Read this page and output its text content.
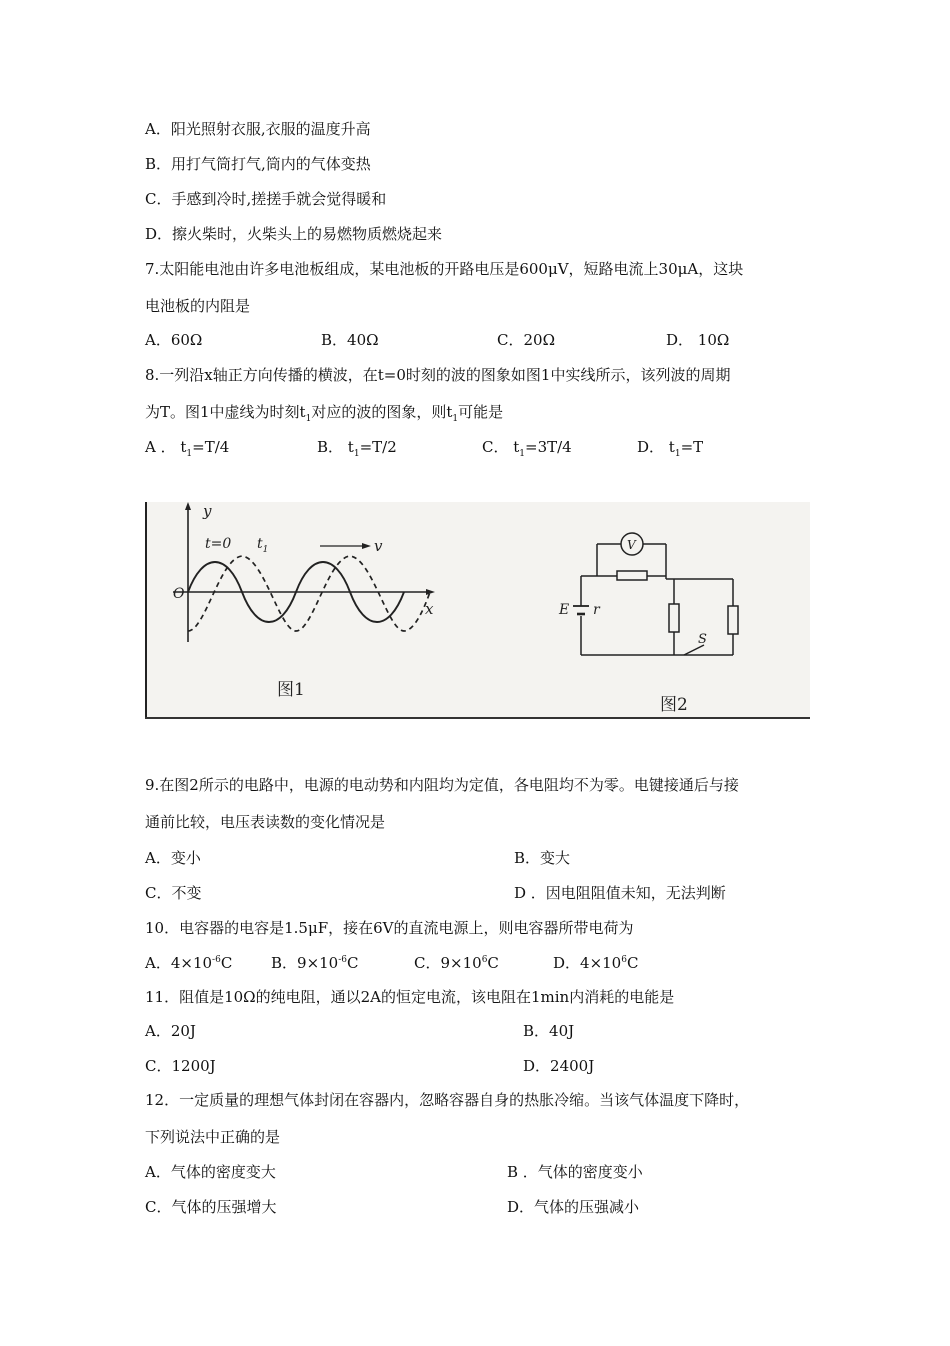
A．阳光照射衣服,衣服的温度升高
B．用打气筒打气,筒内的气体变热
C．手感到冷时,搓搓手就会觉得暖和
D．擦火柴时，火柴头上的易燃物质燃烧起来
7.太阳能电池由许多电池板组成，某电池板的开路电压是600μV，短路电流上30μA，这块
电池板的内阻是
A．60Ω	B．40Ω	C．20Ω	D． 10Ω
8.一列沿x轴正方向传播的横波，在t=0时刻的波的图象如图1中实线所示，该列波的周期
为T。图1中虚线为时刻$t_1$对应的波的图象，则$t_1$可能是
A ． $t_1=T/4$	B． $t_1=T/2$	C． $t_1=3T/4$	D． $t_1=T$
y
x
O
t=0 $t_1$	v
图1
V
E r
S
图2
9.在图2所示的电路中，电源的电动势和内阻均为定值，各电阻均不为零。电键接通后与接
通前比较，电压表读数的变化情况是
A．变小	B．变大
C．不变	D ．因电阻阻值未知，无法判断
10．电容器的电容是1.5μF，接在6V的直流电源上，则电容器所带电荷为
A．$4\times 10^{-6}C$	B．$9\times 10^{-6}C$	C．$9\times 10^6C$	D．$4\times 10^6C$
11．阻值是10Ω的纯电阻，通以2A的恒定电流，该电阻在1min内消耗的电能是
A．20J	B．40J
C．1200J	D．2400J
12．一定质量的理想气体封闭在容器内，忽略容器自身的热胀冷缩。当该气体温度下降时，
下列说法中正确的是
A．气体的密度变大	B ．气体的密度变小
C．气体的压强增大	D．气体的压强减小
